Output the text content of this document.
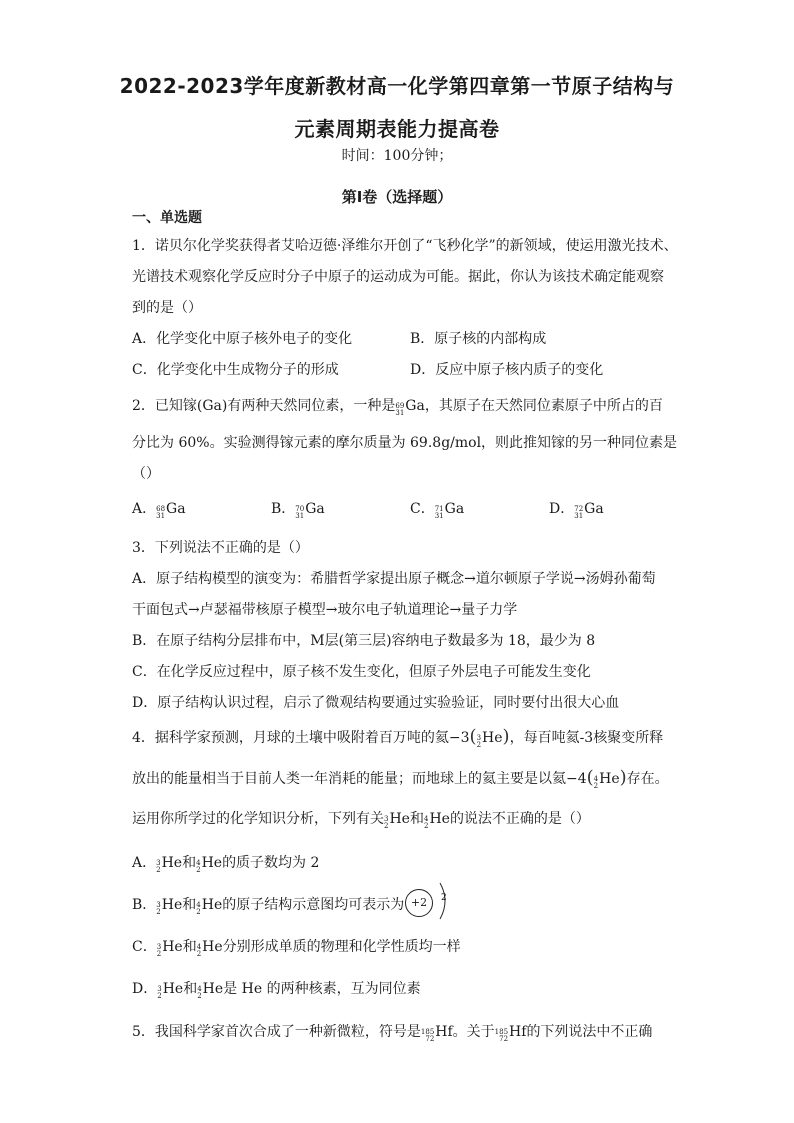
2022-2023学年度新教材高一化学第四章第一节原子结构与
元素周期表能力提高卷
时间：100分钟；
第I卷（选择题）
一、单选题
1．诺贝尔化学奖获得者艾哈迈德·泽维尔开创了“飞秒化学”的新领域，使运用激光技术、
光谱技术观察化学反应时分子中原子的运动成为可能。据此，你认为该技术确定能观察
到的是（）
A．化学变化中原子核外电子的变化	B．原子核的内部构成
C．化学变化中生成物分子的形成	D．反应中原子核内质子的变化
2．已知镓(Ga)有两种天然同位素，一种是 69
31 Ga，其原子在天然同位素原子中所占的百
分比为 60%。实验测得镓元素的摩尔质量为 69.8g/mol，则此推知镓的另一种同位素是
（）
A． 68
31 Ga	B． 70
31 Ga	C． 71
31 Ga	D． 72
31 Ga
3．下列说法不正确的是（）
A．原子结构模型的演变为：希腊哲学家提出原子概念→道尔顿原子学说→汤姆孙葡萄
干面包式→卢瑟福带核原子模型→玻尔电子轨道理论→量子力学
B．在原子结构分层排布中，M层(第三层)容纳电子数最多为 18，最少为 8
C．在化学反应过程中，原子核不发生变化，但原子外层电子可能发生变化
D．原子结构认识过程，启示了微观结构要通过实验验证，同时要付出很大心血
4．据科学家预测，月球的土壤中吸附着百万吨的氦−3( 3
2 He)，每百吨氦-3核聚变所释
放出的能量相当于目前人类一年消耗的能量；而地球上的氦主要是以氦−4( 4
2 He)存在。
运用你所学过的化学知识分析，下列有关 3
2 He和 4
2 He的说法不正确的是（）
A． 3
2 He和 4
2 He的质子数均为 2
B． 3
2 He和 4
2 He的原子结构示意图均可表示为 +2	2
C． 3
2 He和 4
2 He分别形成单质的物理和化学性质均一样
D． 3
2 He和 4
2 He是 He 的两种核素，互为同位素
5．我国科学家首次合成了一种新微粒，符号是 185
72 Hf。关于 185
72 Hf的下列说法中不正确
